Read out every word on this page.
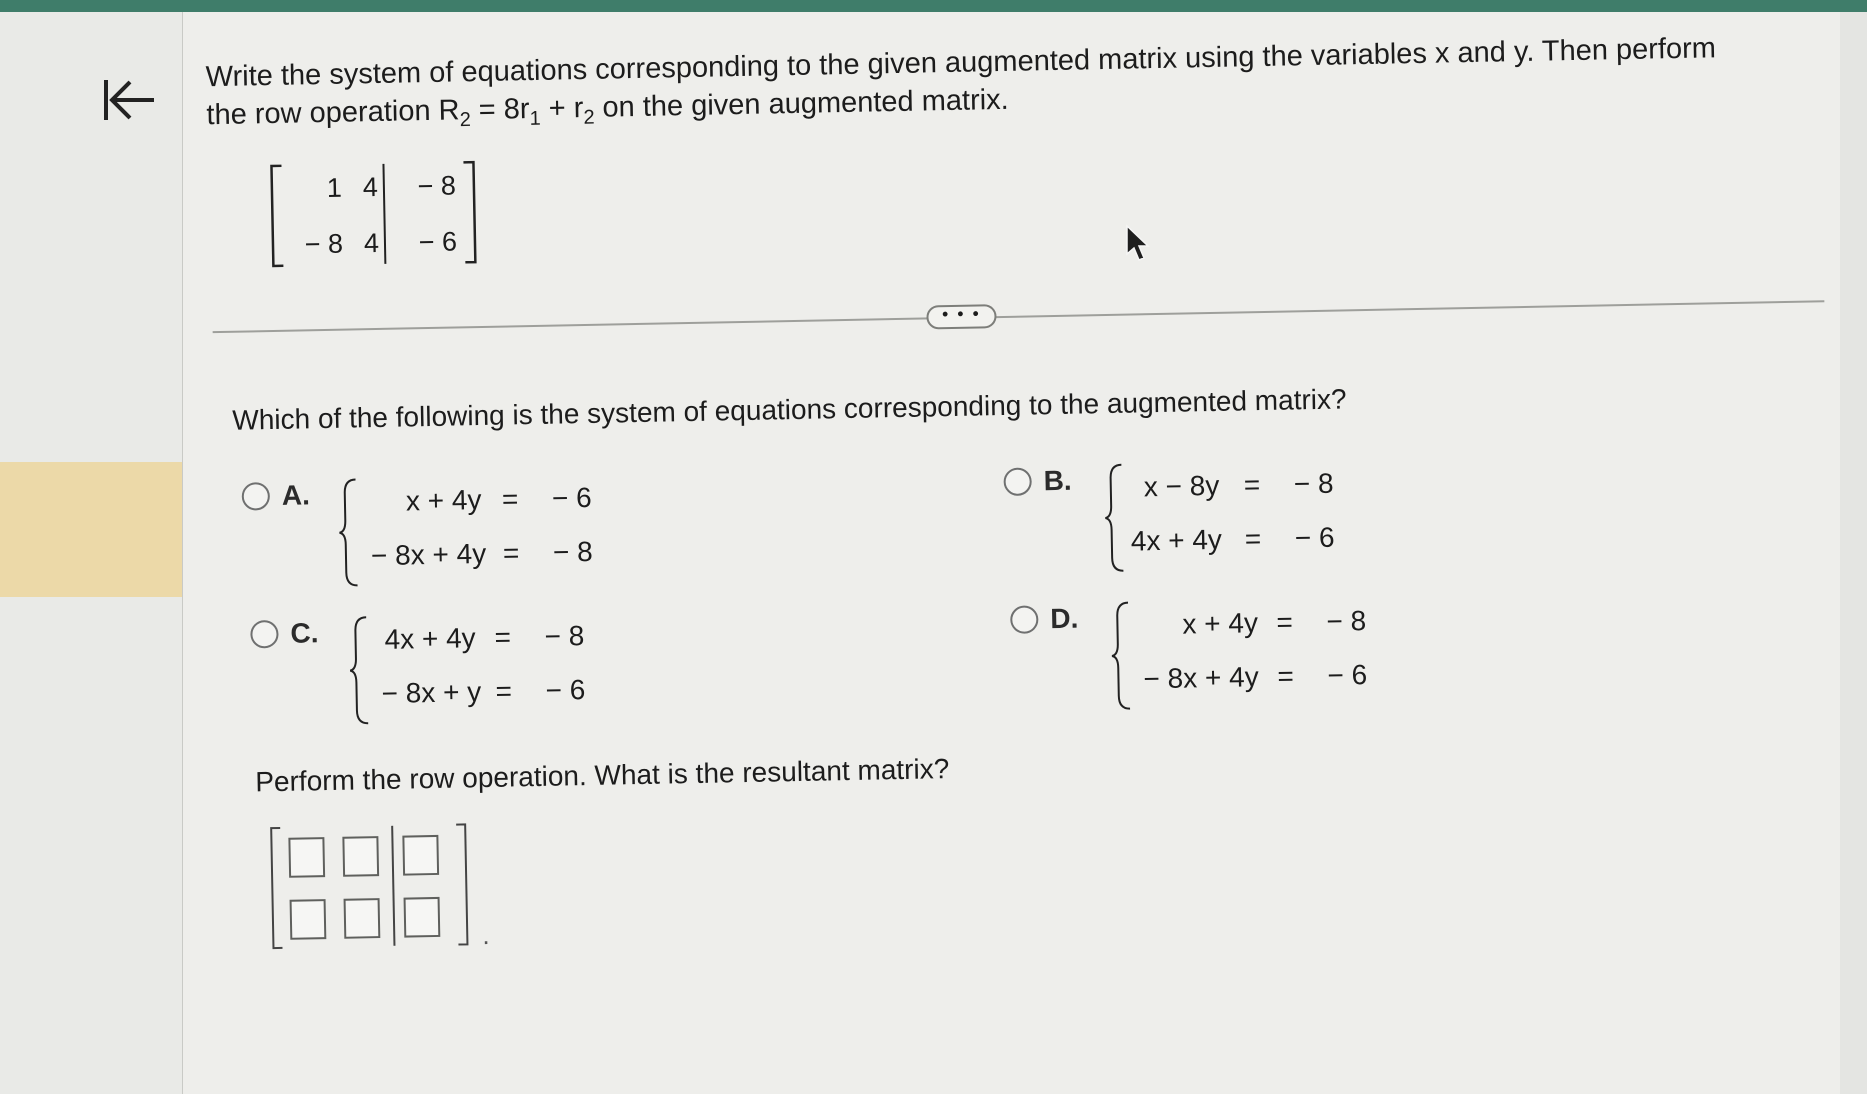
Write the system of equations corresponding to the given augmented matrix using the variables x and y. Then perform
the row operation $R_2 = 8r_1 + r_2$ on the given augmented matrix.
1 4	− 8
− 8 4	− 6
• • •
Which of the following is the system of equations corresponding to the augmented matrix?
A.	x + 4y = − 6
− 8x + 4y = − 8
B.	x − 8y = − 8
4x + 4y = − 6
C. 4x + 4y = − 8
− 8x + y = − 6
D.	x + 4y = − 8
− 8x + 4y = − 6
Perform the row operation. What is the resultant matrix?
.
